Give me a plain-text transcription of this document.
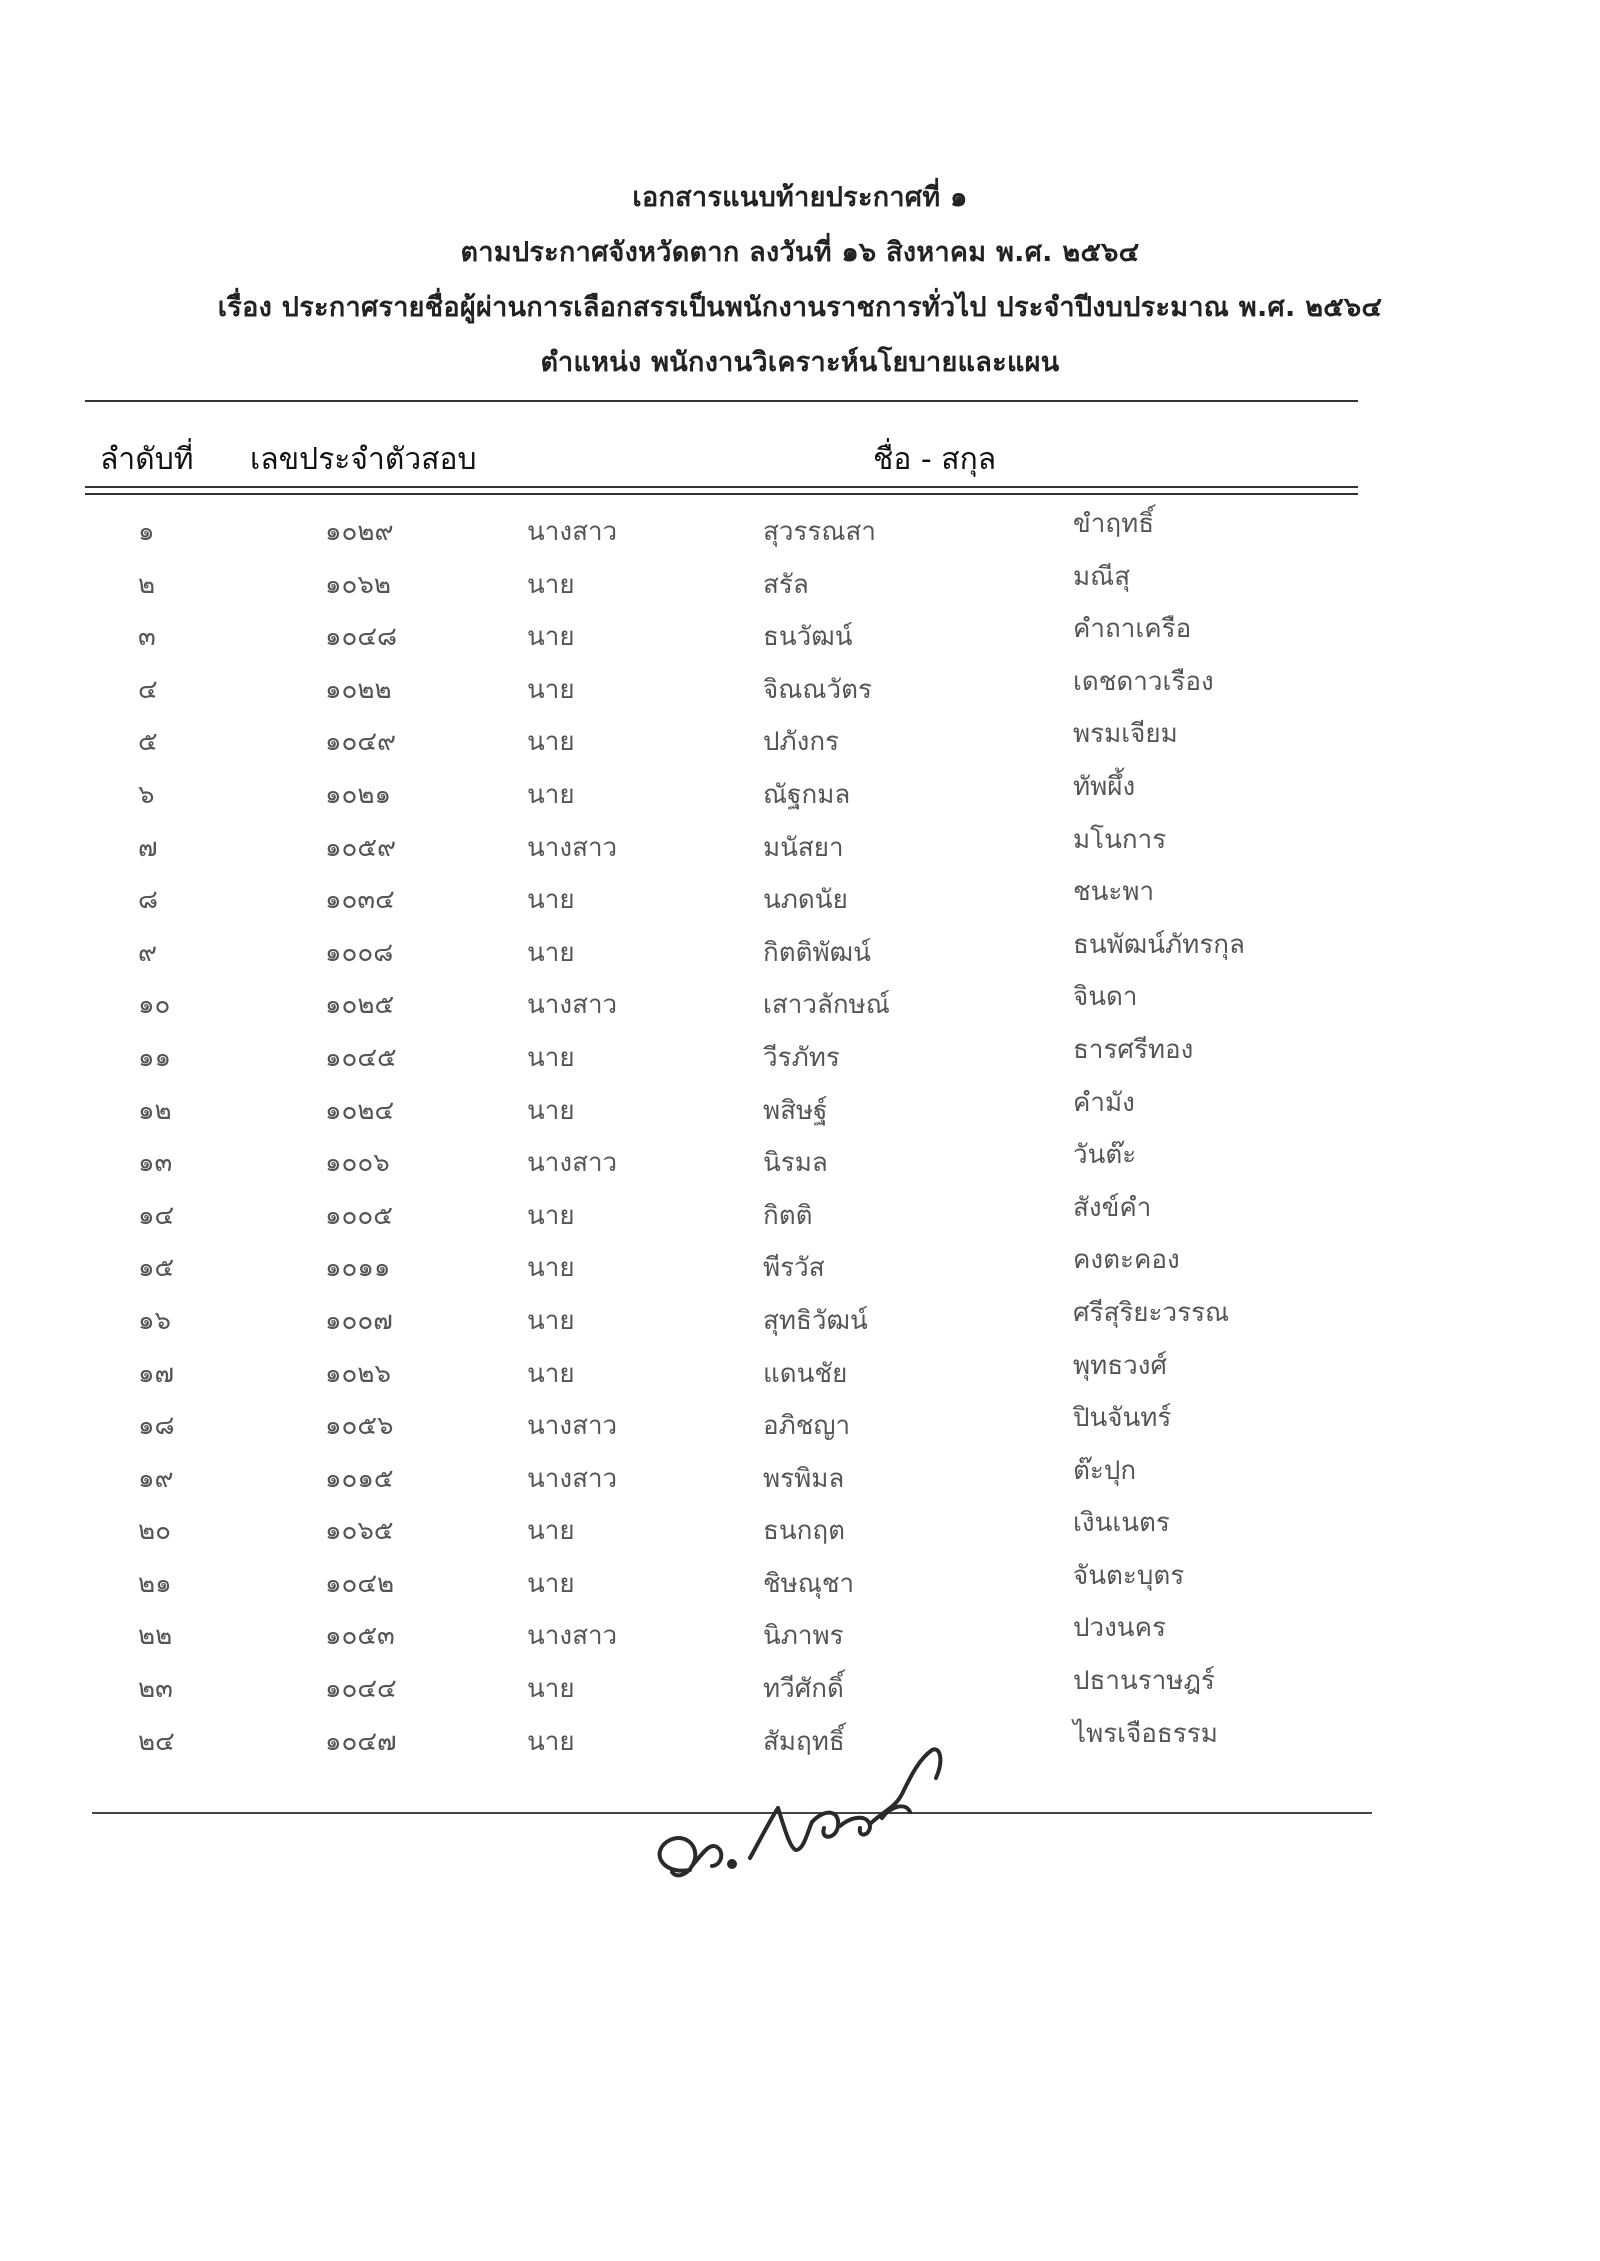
เอกสารแนบท้ายประกาศที่ ๑
ตามประกาศจังหวัดตาก ลงวันที่ ๑๖ สิงหาคม พ.ศ. ๒๕๖๔
เรื่อง ประกาศรายชื่อผู้ผ่านการเลือกสรรเป็นพนักงานราชการทั่วไป ประจำปีงบประมาณ พ.ศ. ๒๕๖๔
ตำแหน่ง พนักงานวิเคราะห์นโยบายและแผน
ลำดับที่ เลขประจำตัวสอบ	ชื่อ - สกุล
๑	๑๐๒๙	นางสาว	สุวรรณสา	ขำฤทธิ์
๒	๑๐๖๒	นาย	สรัล	มณีสุ
๓	๑๐๔๘	นาย	ธนวัฒน์	คำถาเครือ
๔	๑๐๒๒	นาย	จิณณวัตร	เดชดาวเรือง
๕	๑๐๔๙	นาย	ปภังกร	พรมเจียม
๖	๑๐๒๑	นาย	ณัฐกมล	ทัพผึ้ง
๗	๑๐๕๙	นางสาว	มนัสยา	มโนการ
๘	๑๐๓๔	นาย	นภดนัย	ชนะพา
๙	๑๐๐๘	นาย	กิตติพัฒน์	ธนพัฒน์ภัทรกุล
๑๐	๑๐๒๕	นางสาว	เสาวลักษณ์	จินดา
๑๑	๑๐๔๕	นาย	วีรภัทร	ธารศรีทอง
๑๒	๑๐๒๔	นาย	พสิษฐ์	คำมัง
๑๓	๑๐๐๖	นางสาว	นิรมล	วันต๊ะ
๑๔	๑๐๐๕	นาย	กิตติ	สังข์คำ
๑๕	๑๐๑๑	นาย	พีรวัส	คงตะคอง
๑๖	๑๐๐๗	นาย	สุทธิวัฒน์	ศรีสุริยะวรรณ
๑๗	๑๐๒๖	นาย	แดนชัย	พุทธวงศ์
๑๘	๑๐๕๖	นางสาว	อภิชญา	ปินจันทร์
๑๙	๑๐๑๕	นางสาว	พรพิมล	ต๊ะปุก
๒๐	๑๐๖๕	นาย	ธนกฤต	เงินเนตร
๒๑	๑๐๔๒	นาย	ชิษณุชา	จันตะบุตร
๒๒	๑๐๕๓	นางสาว	นิภาพร	ปวงนคร
๒๓	๑๐๔๔	นาย	ทวีศักดิ์	ปธานราษฎร์
๒๔	๑๐๔๗	นาย	สัมฤทธิ์	ไพรเจือธรรม
